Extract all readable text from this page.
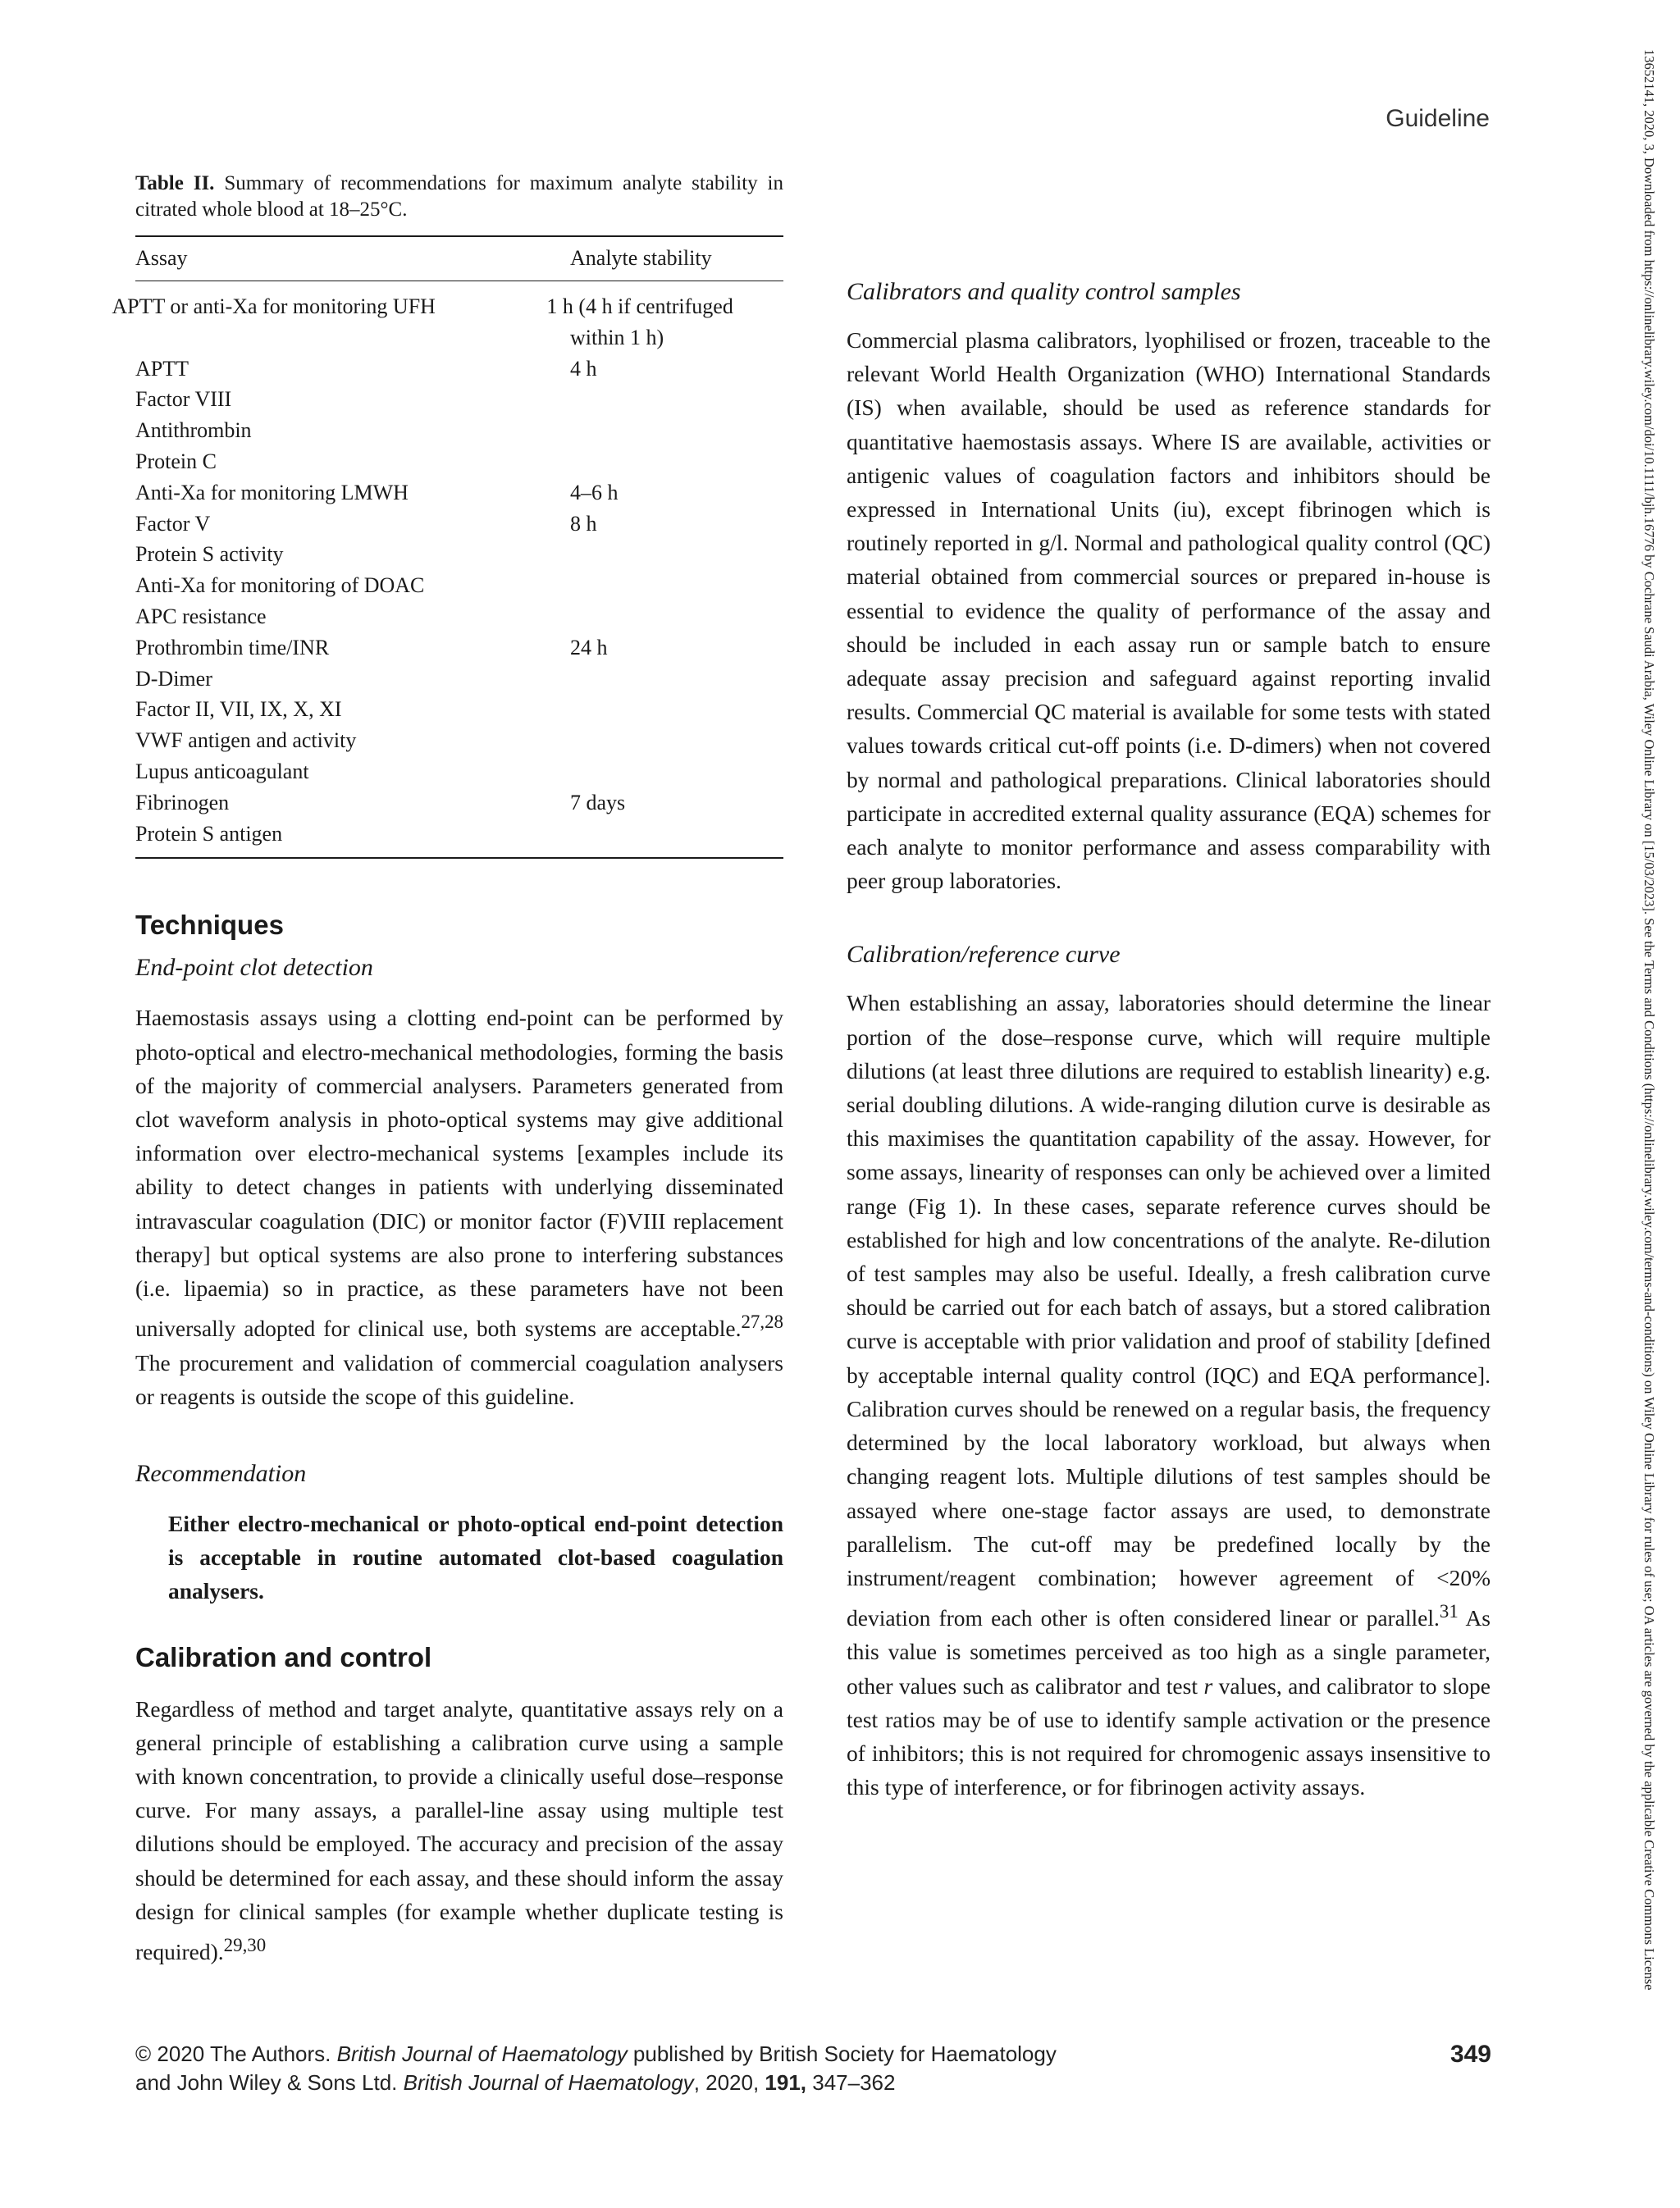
13652141, 2020, 3, Downloaded from https://onlinelibrary.wiley.com/doi/10.1111/bjh.16776 by Cochrane Saudi Arabia, Wiley Online Library on [15/03/2023]. See the Terms and Conditions (https://onlinelibrary.wiley.com/terms-and-conditions) on Wiley Online Library for rules of use; OA articles are governed by the applicable Creative Commons License
Guideline
Table II. Summary of recommendations for maximum analyte stability in citrated whole blood at 18–25°C.
Assay	Analyte stability
APTT or anti-Xa for monitoring UFH	1 h (4 h if centrifuged within 1 h)
APTT	4 h
Factor VIII	
Antithrombin	
Protein C	
Anti-Xa for monitoring LMWH	4–6 h
Factor V	8 h
Protein S activity	
Anti-Xa for monitoring of DOAC	
APC resistance	
Prothrombin time/INR	24 h
D-Dimer	
Factor II, VII, IX, X, XI	
VWF antigen and activity	
Lupus anticoagulant	
Fibrinogen	7 days
Protein S antigen	
Techniques
End-point clot detection

Haemostasis assays using a clotting end-point can be performed by photo-optical and electro-mechanical methodologies, forming the basis of the majority of commercial analysers. Parameters generated from clot waveform analysis in photo-optical systems may give additional information over electro-mechanical systems [examples include its ability to detect changes in patients with underlying disseminated intravascular coagulation (DIC) or monitor factor (F)VIII replacement therapy] but optical systems are also prone to interfering substances (i.e. lipaemia) so in practice, as these parameters have not been universally adopted for clinical use, both systems are acceptable.$^{27,28}$ The procurement and validation of commercial coagulation analysers or reagents is outside the scope of this guideline.

Recommendation

Either electro-mechanical or photo-optical end-point detection is acceptable in routine automated clot-based coagulation analysers.

Calibration and control

Regardless of method and target analyte, quantitative assays rely on a general principle of establishing a calibration curve using a sample with known concentration, to provide a clinically useful dose–response curve. For many assays, a parallel-line assay using multiple test dilutions should be employed. The accuracy and precision of the assay should be determined for each assay, and these should inform the assay design for clinical samples (for example whether duplicate testing is required).$^{29,30}$

Calibrators and quality control samples

Commercial plasma calibrators, lyophilised or frozen, traceable to the relevant World Health Organization (WHO) International Standards (IS) when available, should be used as reference standards for quantitative haemostasis assays. Where IS are available, activities or antigenic values of coagulation factors and inhibitors should be expressed in International Units (iu), except fibrinogen which is routinely reported in g/l. Normal and pathological quality control (QC) material obtained from commercial sources or prepared in-house is essential to evidence the quality of performance of the assay and should be included in each assay run or sample batch to ensure adequate assay precision and safeguard against reporting invalid results. Commercial QC material is available for some tests with stated values towards critical cut-off points (i.e. D-dimers) when not covered by normal and pathological preparations. Clinical laboratories should participate in accredited external quality assurance (EQA) schemes for each analyte to monitor performance and assess comparability with peer group laboratories.

Calibration/reference curve

When establishing an assay, laboratories should determine the linear portion of the dose–response curve, which will require multiple dilutions (at least three dilutions are required to establish linearity) e.g. serial doubling dilutions. A wide-ranging dilution curve is desirable as this maximises the quantitation capability of the assay. However, for some assays, linearity of responses can only be achieved over a limited range (Fig 1). In these cases, separate reference curves should be established for high and low concentrations of the analyte. Re-dilution of test samples may also be useful. Ideally, a fresh calibration curve should be carried out for each batch of assays, but a stored calibration curve is acceptable with prior validation and proof of stability [defined by acceptable internal quality control (IQC) and EQA performance]. Calibration curves should be renewed on a regular basis, the frequency determined by the local laboratory workload, but always when changing reagent lots. Multiple dilutions of test samples should be assayed where one-stage factor assays are used, to demonstrate parallelism. The cut-off may be predefined locally by the instrument/reagent combination; however agreement of <20% deviation from each other is often considered linear or parallel.$^{31}$ As this value is sometimes perceived as too high as a single parameter, other values such as calibrator and test r values, and calibrator to slope test ratios may be of use to identify sample activation or the presence of inhibitors; this is not required for chromogenic assays insensitive to this type of interference, or for fibrinogen activity assays.

© 2020 The Authors. British Journal of Haematology published by British Society for Haematology
and John Wiley & Sons Ltd. British Journal of Haematology, 2020, 191, 347–362
349
